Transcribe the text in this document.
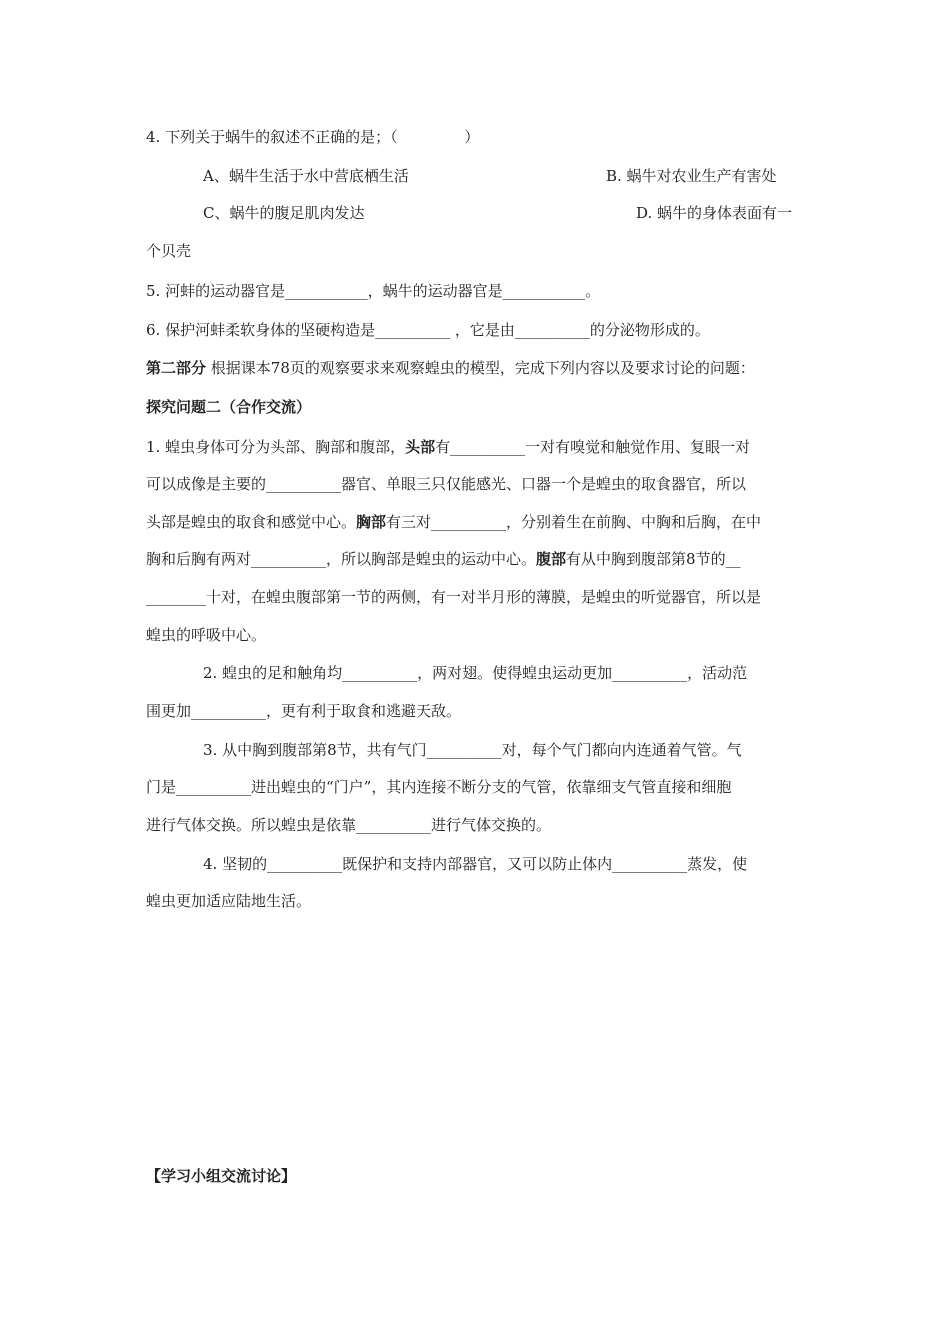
4. 下列关于蜗牛的叙述不正确的是；（              ）
A、蜗牛生活于水中营底栖生活	B. 蜗牛对农业生产有害处
C、蜗牛的腹足肌肉发达	D. 蜗牛的身体表面有一
个贝壳
5. 河蚌的运动器官是___________，蜗牛的运动器官是___________。
6. 保护河蚌柔软身体的坚硬构造是__________ ，它是由__________的分泌物形成的。
第二部分 根据课本78页的观察要求来观察蝗虫的模型，完成下列内容以及要求讨论的问题：
探究问题二（合作交流）
1. 蝗虫身体可分为头部、胸部和腹部，头部有__________一对有嗅觉和触觉作用、复眼一对
可以成像是主要的__________器官、单眼三只仅能感光、口器一个是蝗虫的取食器官，所以
头部是蝗虫的取食和感觉中心。胸部有三对__________，分别着生在前胸、中胸和后胸，在中
胸和后胸有两对__________，所以胸部是蝗虫的运动中心。腹部有从中胸到腹部第8节的__
________十对，在蝗虫腹部第一节的两侧，有一对半月形的薄膜，是蝗虫的听觉器官，所以是
蝗虫的呼吸中心。
2. 蝗虫的足和触角均__________，两对翅。使得蝗虫运动更加__________，活动范
围更加__________，更有利于取食和逃避天敌。
3. 从中胸到腹部第8节，共有气门__________对，每个气门都向内连通着气管。气
门是__________进出蝗虫的“门户”，其内连接不断分支的气管，依靠细支气管直接和细胞
进行气体交换。所以蝗虫是依靠__________进行气体交换的。
4. 坚韧的__________既保护和支持内部器官，又可以防止体内__________蒸发，使
蝗虫更加适应陆地生活。
【学习小组交流讨论】
